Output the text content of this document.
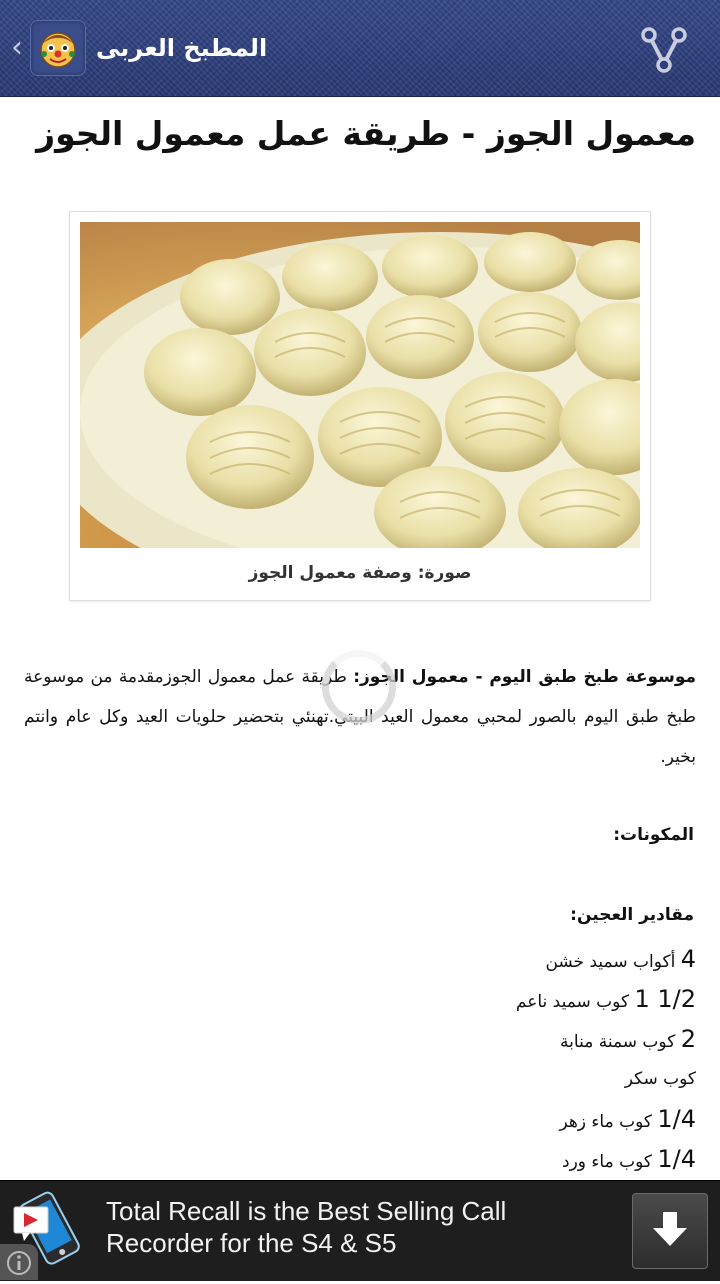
‹	المطبخ العربى
معمول الجوز - طريقة عمل معمول الجوز
صورة: وصفة معمول الجوز
موسوعة طبخ طبق اليوم - معمول الجوز: طريقة عمل معمول الجوزمقدمة من موسوعة طبخ طبق اليوم بالصور لمحبي معمول العيد البيتي.تهنئي بتحضير حلويات العيد وكل عام وانتم بخير.
المكونات:
مقادير العجين:
4 أكواب سميد خشن
1 1/2 كوب سميد ناعم
2 كوب سمنة منابة
كوب سكر
1/4 كوب ماء زهر
1/4 كوب ماء ورد
Total Recall is the Best Selling Call Recorder for the S4 & S5
